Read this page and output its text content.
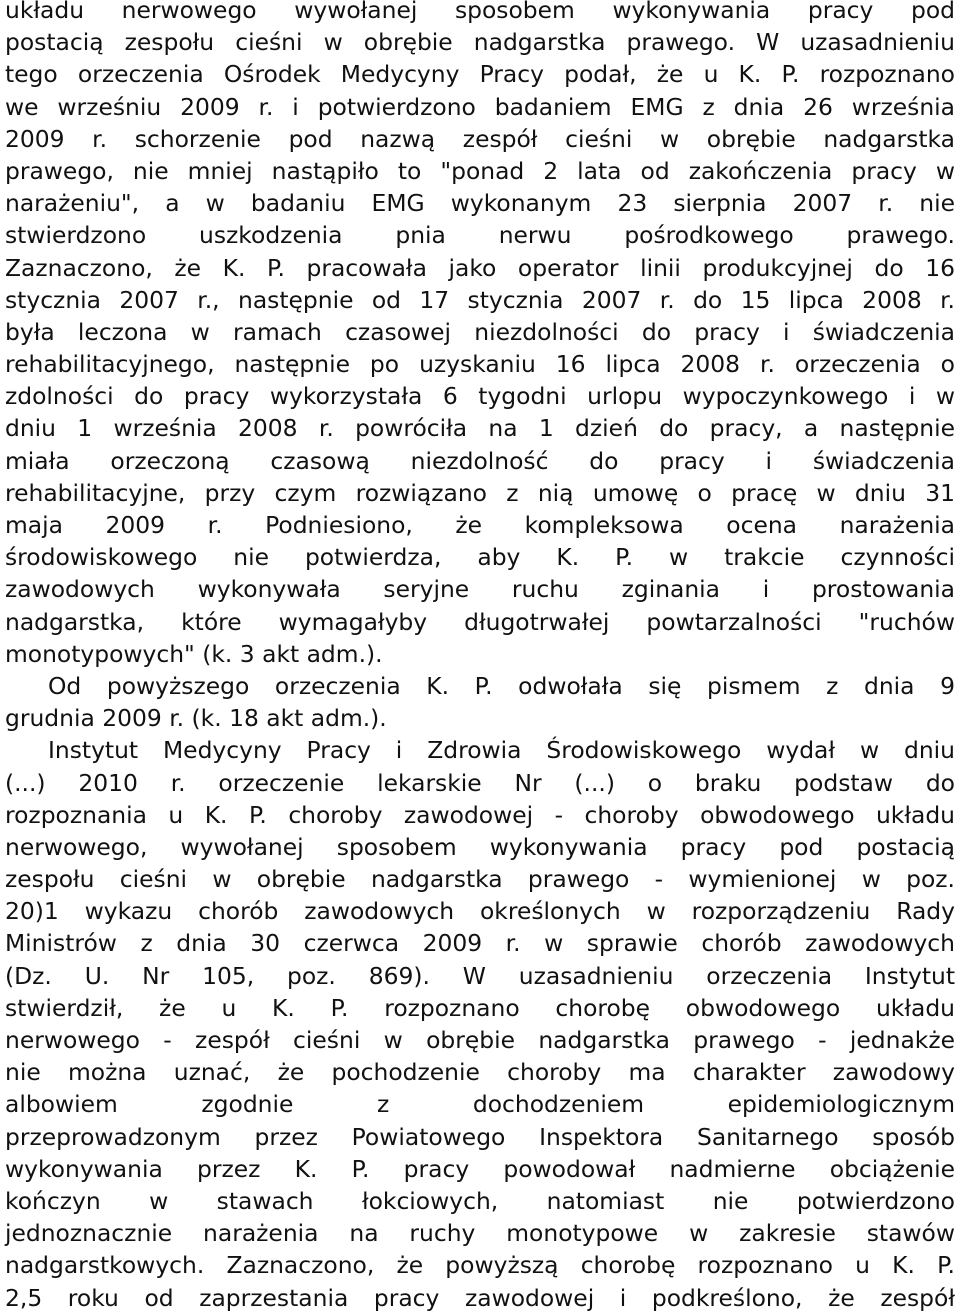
układu nerwowego wywołanej sposobem wykonywania pracy pod
postacią zespołu cieśni w obrębie nadgarstka prawego. W uzasadnieniu
tego orzeczenia Ośrodek Medycyny Pracy podał, że u K. P. rozpoznano
we wrześniu 2009 r. i potwierdzono badaniem EMG z dnia 26 września
2009 r. schorzenie pod nazwą zespół cieśni w obrębie nadgarstka
prawego, nie mniej nastąpiło to "ponad 2 lata od zakończenia pracy w
narażeniu", a w badaniu EMG wykonanym 23 sierpnia 2007 r. nie
stwierdzono uszkodzenia pnia nerwu pośrodkowego prawego.
Zaznaczono, że K. P. pracowała jako operator linii produkcyjnej do 16
stycznia 2007 r., następnie od 17 stycznia 2007 r. do 15 lipca 2008 r.
była leczona w ramach czasowej niezdolności do pracy i świadczenia
rehabilitacyjnego, następnie po uzyskaniu 16 lipca 2008 r. orzeczenia o
zdolności do pracy wykorzystała 6 tygodni urlopu wypoczynkowego i w
dniu 1 września 2008 r. powróciła na 1 dzień do pracy, a następnie
miała orzeczoną czasową niezdolność do pracy i świadczenia
rehabilitacyjne, przy czym rozwiązano z nią umowę o pracę w dniu 31
maja 2009 r. Podniesiono, że kompleksowa ocena narażenia
środowiskowego nie potwierdza, aby K. P. w trakcie czynności
zawodowych wykonywała seryjne ruchu zginania i prostowania
nadgarstka, które wymagałyby długotrwałej powtarzalności "ruchów
monotypowych" (k. 3 akt adm.).
Od powyższego orzeczenia K. P. odwołała się pismem z dnia 9
grudnia 2009 r. (k. 18 akt adm.).
Instytut Medycyny Pracy i Zdrowia Środowiskowego wydał w dniu
(...) 2010 r. orzeczenie lekarskie Nr (...) o braku podstaw do
rozpoznania u K. P. choroby zawodowej - choroby obwodowego układu
nerwowego, wywołanej sposobem wykonywania pracy pod postacią
zespołu cieśni w obrębie nadgarstka prawego - wymienionej w poz.
20)1 wykazu chorób zawodowych określonych w rozporządzeniu Rady
Ministrów z dnia 30 czerwca 2009 r. w sprawie chorób zawodowych
(Dz. U. Nr 105, poz. 869). W uzasadnieniu orzeczenia Instytut
stwierdził, że u K. P. rozpoznano chorobę obwodowego układu
nerwowego - zespół cieśni w obrębie nadgarstka prawego - jednakże
nie można uznać, że pochodzenie choroby ma charakter zawodowy
albowiem zgodnie z dochodzeniem epidemiologicznym
przeprowadzonym przez Powiatowego Inspektora Sanitarnego sposób
wykonywania przez K. P. pracy powodował nadmierne obciążenie
kończyn w stawach łokciowych, natomiast nie potwierdzono
jednoznacznie narażenia na ruchy monotypowe w zakresie stawów
nadgarstkowych. Zaznaczono, że powyższą chorobę rozpoznano u K. P.
2,5 roku od zaprzestania pracy zawodowej i podkreślono, że zespół
